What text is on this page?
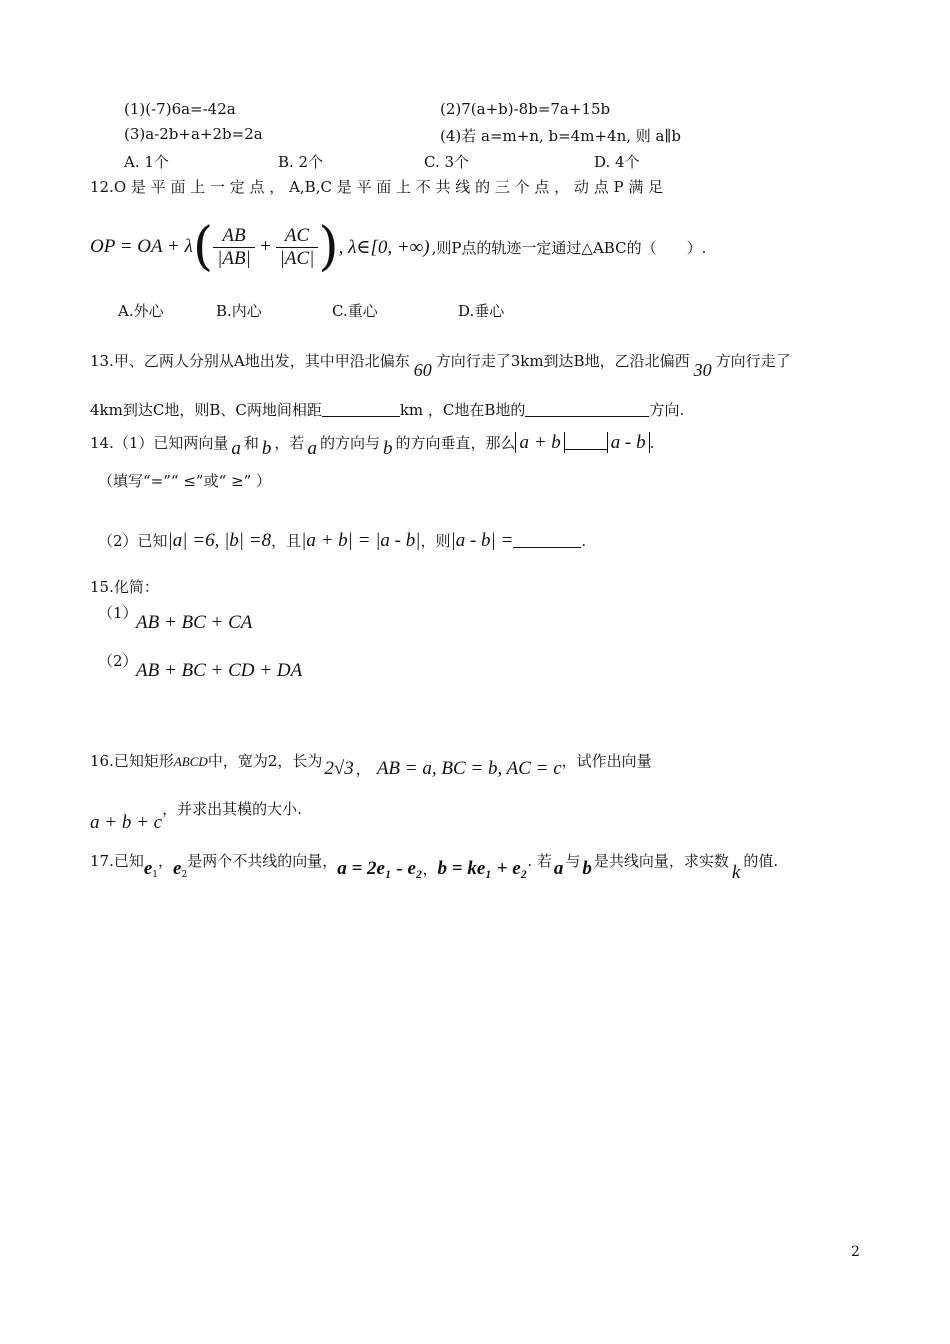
(1)(-7)6a=-42a	(2)7(a+b)-8b=7a+15b
(3)a-2b+a+2b=2a	(4)若 a=m+n, b=4m+4n, 则 a∥b
A. 1个	B. 2个	C. 3个	D. 4个
12.O 是 平 面 上 一 定 点 ， A,B,C 是 平 面 上 不 共 线 的 三 个 点 ， 动 点 P 满 足
OP = OA + λ ( $\frac{AB}{|AB|} + \frac{AC}{|AC|}$ ) , λ∈[0, +∞) ,则P点的轨迹一定通过△ABC的（　　）.
A.外心	B.内心	C.重心	D.垂心
13.甲、乙两人分别从A地出发，其中甲沿北偏东 60 方向行走了3km到达B地，乙沿北偏西 30 方向行走了
4km到达C地，则B、C两地间相距	km ，C地在B地的	方向.
14.（1）已知两向量 a 和 b ，若 a 的方向与 b 的方向垂直，那么 a + b	a - b .
（填写“=”“ ≤”或“ ≥” ）
（2）已知|a| =6, |b| =8，且|a + b| = |a - b|，则|a - b| =	.
15.化简：
（1）
AB + BC + CA
（2）
AB + BC + CD + DA
16.已知矩形ABCD中，宽为2，长为 2√3 ， AB = a, BC = b, AC = c，试作出向量
a + b + c，并求出其模的大小.
17.已知$e_1$，$e_2$是两个不共线的向量，a = 2e₁ - e₂，b = ke₁ + e₂. 若 a 与 b 是共线向量，求实数k的值.
2
